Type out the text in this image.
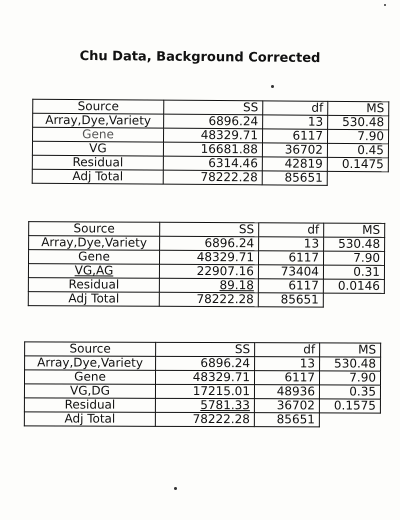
Chu Data, Background Corrected
Source	SS	df	MS
Array,Dye,Variety	6896.24	13	530.48
Gene	48329.71	6117	7.90
VG	16681.88	36702	0.45
Residual	6314.46	42819	0.1475
Adj Total	78222.28	85651	
Source	SS	df	MS
Array,Dye,Variety	6896.24	13	530.48
Gene	48329.71	6117	7.90
VG,AG	22907.16	73404	0.31
Residual	89.18	6117	0.0146
Adj Total	78222.28	85651	
Source	SS	df	MS
Array,Dye,Variety	6896.24	13	530.48
Gene	48329.71	6117	7.90
VG,DG	17215.01	48936	0.35
Residual	5781.33	36702	0.1575
Adj Total	78222.28	85651	
